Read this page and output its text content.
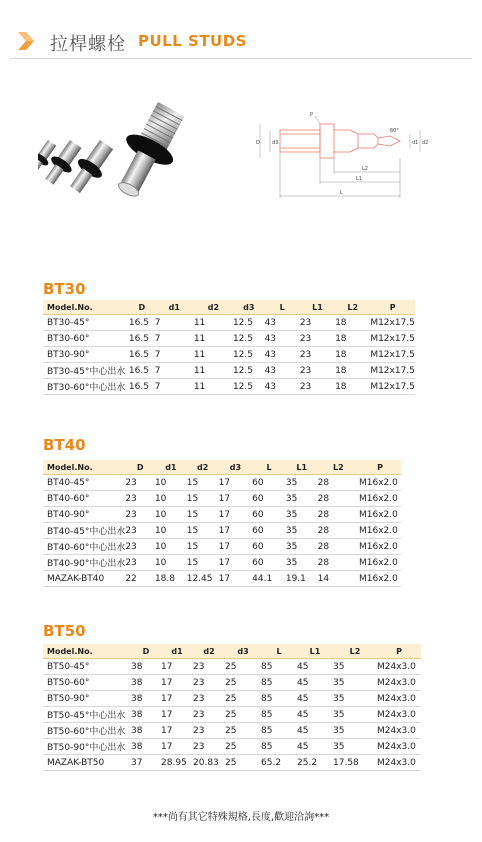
拉桿螺栓 PULL STUDS
D d3
P
60°
d1 d2
L2
L1
L
BT30
Model.No.	D	d1	d2	d3	L	L1	L2	P
BT30-45°	16.5	7	11	12.5	43	23	18	M12x17.5
BT30-60°	16.5	7	11	12.5	43	23	18	M12x17.5
BT30-90°	16.5	7	11	12.5	43	23	18	M12x17.5
BT30-45°中心出水	16.5	7	11	12.5	43	23	18	M12x17.5
BT30-60°中心出水	16.5	7	11	12.5	43	23	18	M12x17.5
BT40
Model.No.	D	d1	d2	d3	L	L1	L2	P
BT40-45°	23	10	15	17	60	35	28	M16x2.0
BT40-60°	23	10	15	17	60	35	28	M16x2.0
BT40-90°	23	10	15	17	60	35	28	M16x2.0
BT40-45°中心出水	23	10	15	17	60	35	28	M16x2.0
BT40-60°中心出水	23	10	15	17	60	35	28	M16x2.0
BT40-90°中心出水	23	10	15	17	60	35	28	M16x2.0
MAZAK-BT40	22	18.8	12.45	17	44.1	19.1	14	M16x2.0
BT50
Model.No.	D	d1	d2	d3	L	L1	L2	P
BT50-45°	38	17	23	25	85	45	35	M24x3.0
BT50-60°	38	17	23	25	85	45	35	M24x3.0
BT50-90°	38	17	23	25	85	45	35	M24x3.0
BT50-45°中心出水	38	17	23	25	85	45	35	M24x3.0
BT50-60°中心出水	38	17	23	25	85	45	35	M24x3.0
BT50-90°中心出水	38	17	23	25	85	45	35	M24x3.0
MAZAK-BT50	37	28.95	20.83	25	65.2	25.2	17.58	M24x3.0
***尚有其它特殊規格,長度,歡迎洽詢***
